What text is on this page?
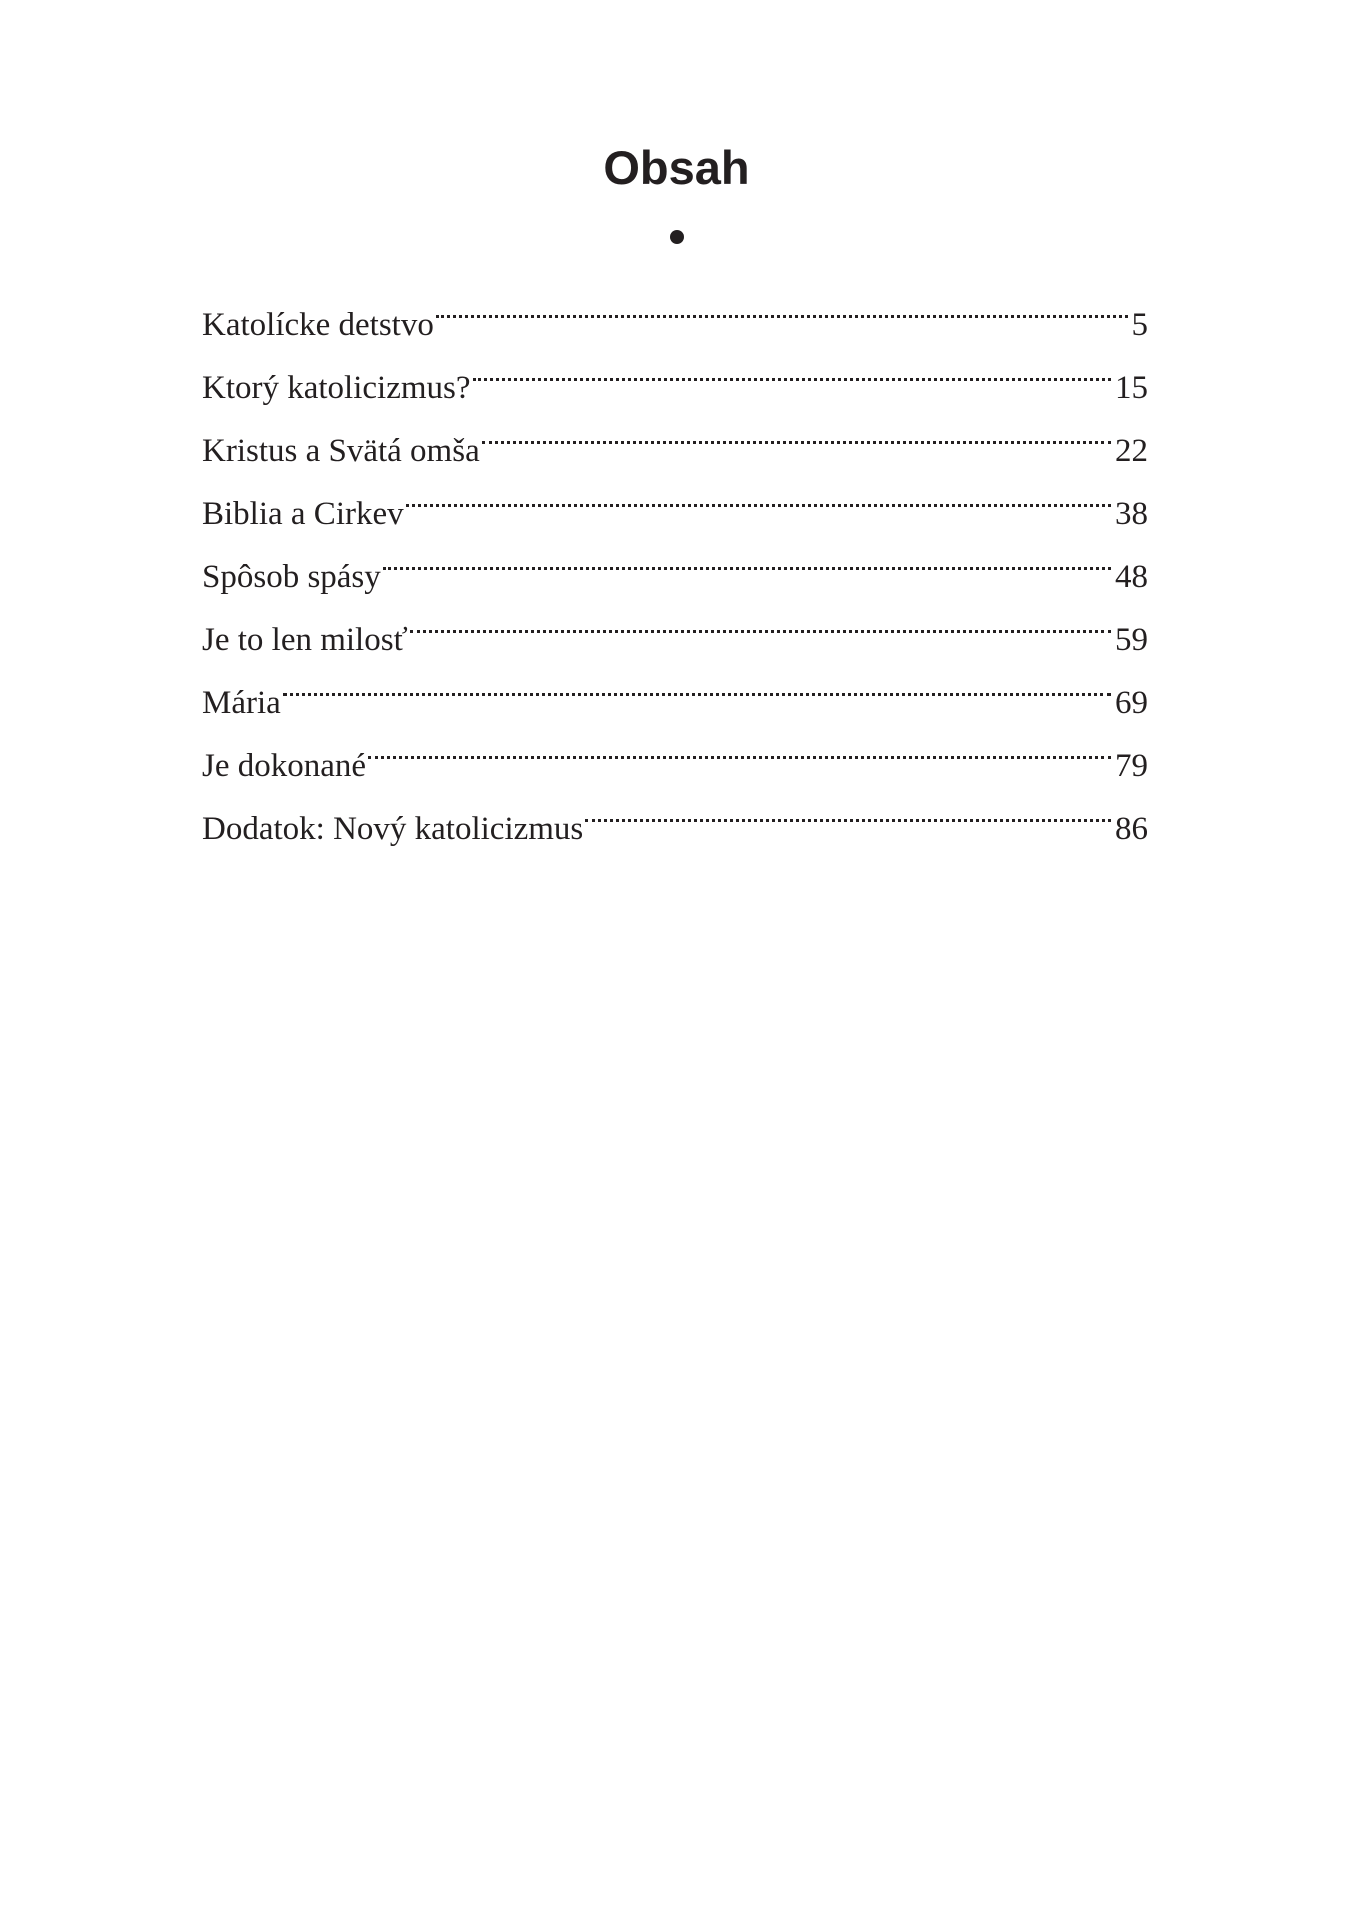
Obsah
Katolícke detstvo	5
Ktorý katolicizmus?	15
Kristus a Svätá omša	22
Biblia a Cirkev	38
Spôsob spásy	48
Je to len milosť	59
Mária	69
Je dokonané	79
Dodatok: Nový katolicizmus	86
